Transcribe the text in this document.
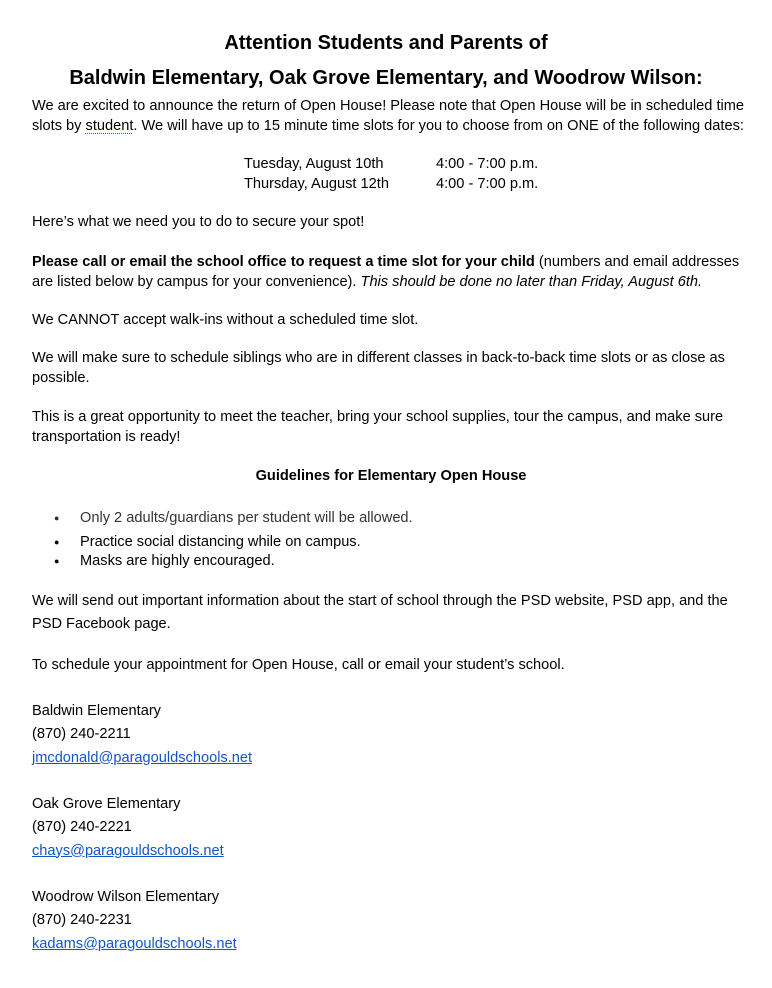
Attention Students and Parents of
Baldwin Elementary, Oak Grove Elementary, and Woodrow Wilson:

We are excited to announce the return of Open House! Please note that Open House will be in scheduled time slots by student. We will have up to 15 minute time slots for you to choose from on ONE of the following dates:

Tuesday, August 10th	4:00 - 7:00 p.m.
Thursday, August 12th	4:00 - 7:00 p.m.

Here’s what we need you to do to secure your spot!

Please call or email the school office to request a time slot for your child (numbers and email addresses are listed below by campus for your convenience). This should be done no later than Friday, August 6th.

We CANNOT accept walk-ins without a scheduled time slot.

We will make sure to schedule siblings who are in different classes in back-to-back time slots or as close as possible.

This is a great opportunity to meet the teacher, bring your school supplies, tour the campus, and make sure transportation is ready!

Guidelines for Elementary Open House

● Only 2 adults/guardians per student will be allowed.
● Practice social distancing while on campus.
● Masks are highly encouraged.

We will send out important information about the start of school through the PSD website, PSD app, and the PSD Facebook page.

To schedule your appointment for Open House, call or email your student’s school.

Baldwin Elementary
(870) 240-2211
jmcdonald@paragouldschools.net
Oak Grove Elementary
(870) 240-2221
chays@paragouldschools.net
Woodrow Wilson Elementary
(870) 240-2231
kadams@paragouldschools.net
